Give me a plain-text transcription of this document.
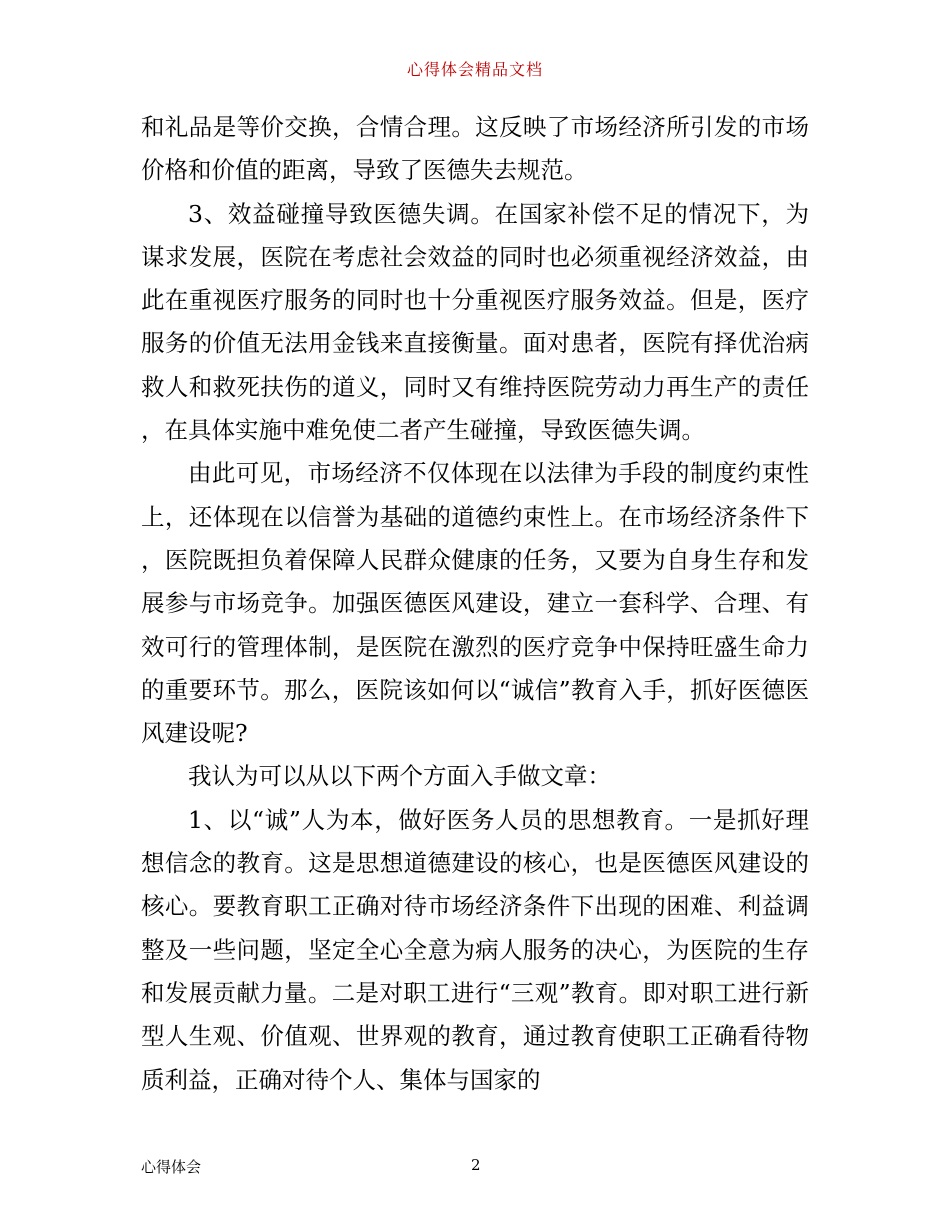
心得体会精品文档

和礼品是等价交换，合情合理。这反映了市场经济所引发的市场价格和价值的距离，导致了医德失去规范。

3、效益碰撞导致医德失调。在国家补偿不足的情况下，为谋求发展，医院在考虑社会效益的同时也必须重视经济效益，由此在重视医疗服务的同时也十分重视医疗服务效益。但是，医疗服务的价值无法用金钱来直接衡量。面对患者，医院有择优治病救人和救死扶伤的道义，同时又有维持医院劳动力再生产的责任，在具体实施中难免使二者产生碰撞，导致医德失调。

由此可见，市场经济不仅体现在以法律为手段的制度约束性上，还体现在以信誉为基础的道德约束性上。在市场经济条件下，医院既担负着保障人民群众健康的任务，又要为自身生存和发展参与市场竞争。加强医德医风建设，建立一套科学、合理、有效可行的管理体制，是医院在激烈的医疗竞争中保持旺盛生命力的重要环节。那么，医院该如何以“诚信”教育入手，抓好医德医风建设呢?

我认为可以从以下两个方面入手做文章：

1、以“诚”人为本，做好医务人员的思想教育。一是抓好理想信念的教育。这是思想道德建设的核心，也是医德医风建设的核心。要教育职工正确对待市场经济条件下出现的困难、利益调整及一些问题，坚定全心全意为病人服务的决心，为医院的生存和发展贡献力量。二是对职工进行“三观”教育。即对职工进行新型人生观、价值观、世界观的教育，通过教育使职工正确看待物质利益，正确对待个人、集体与国家的

心得体会	2
